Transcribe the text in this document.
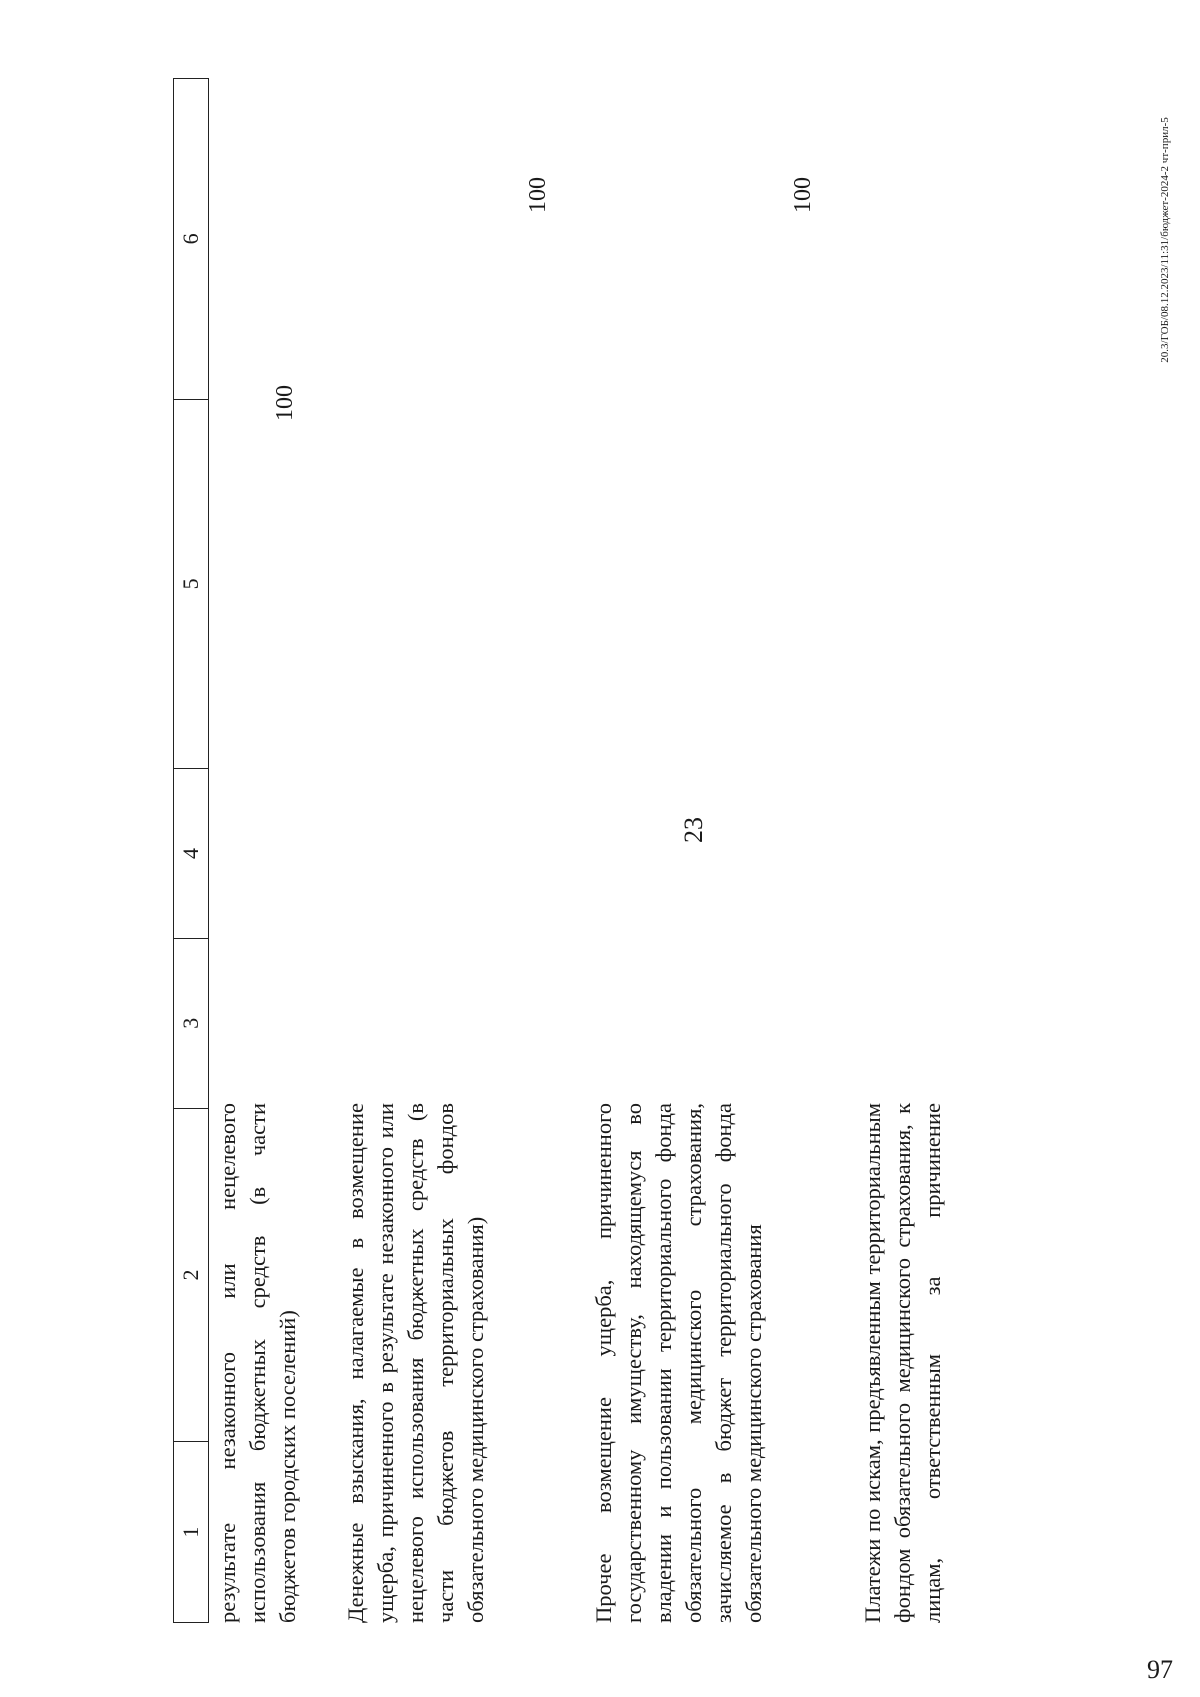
23
97
20.3/ГОБ/08.12.2023/11:31/бюджет-2024-2 чт-прил-5
1
2
3
4
5
6
результате незаконного или нецелевого использования бюджетных средств (в части бюджетов городских поселений)
100
Денежные взыскания, налагаемые в возмещение ущерба, причиненного в результате незаконного или нецелевого использования бюджетных средств (в части бюджетов территориальных фондов обязательного медицинского страхования)
100
Прочее возмещение ущерба, причиненного государственному имуществу, находящемуся во владении и пользовании территориального фонда обязательного медицинского страхования, зачисляемое в бюджет территориального фонда обязательного медицинского страхования
100
Платежи по искам, предъявленным территориальным фондом обязательного медицинского страхования, к лицам, ответственным за причинение
